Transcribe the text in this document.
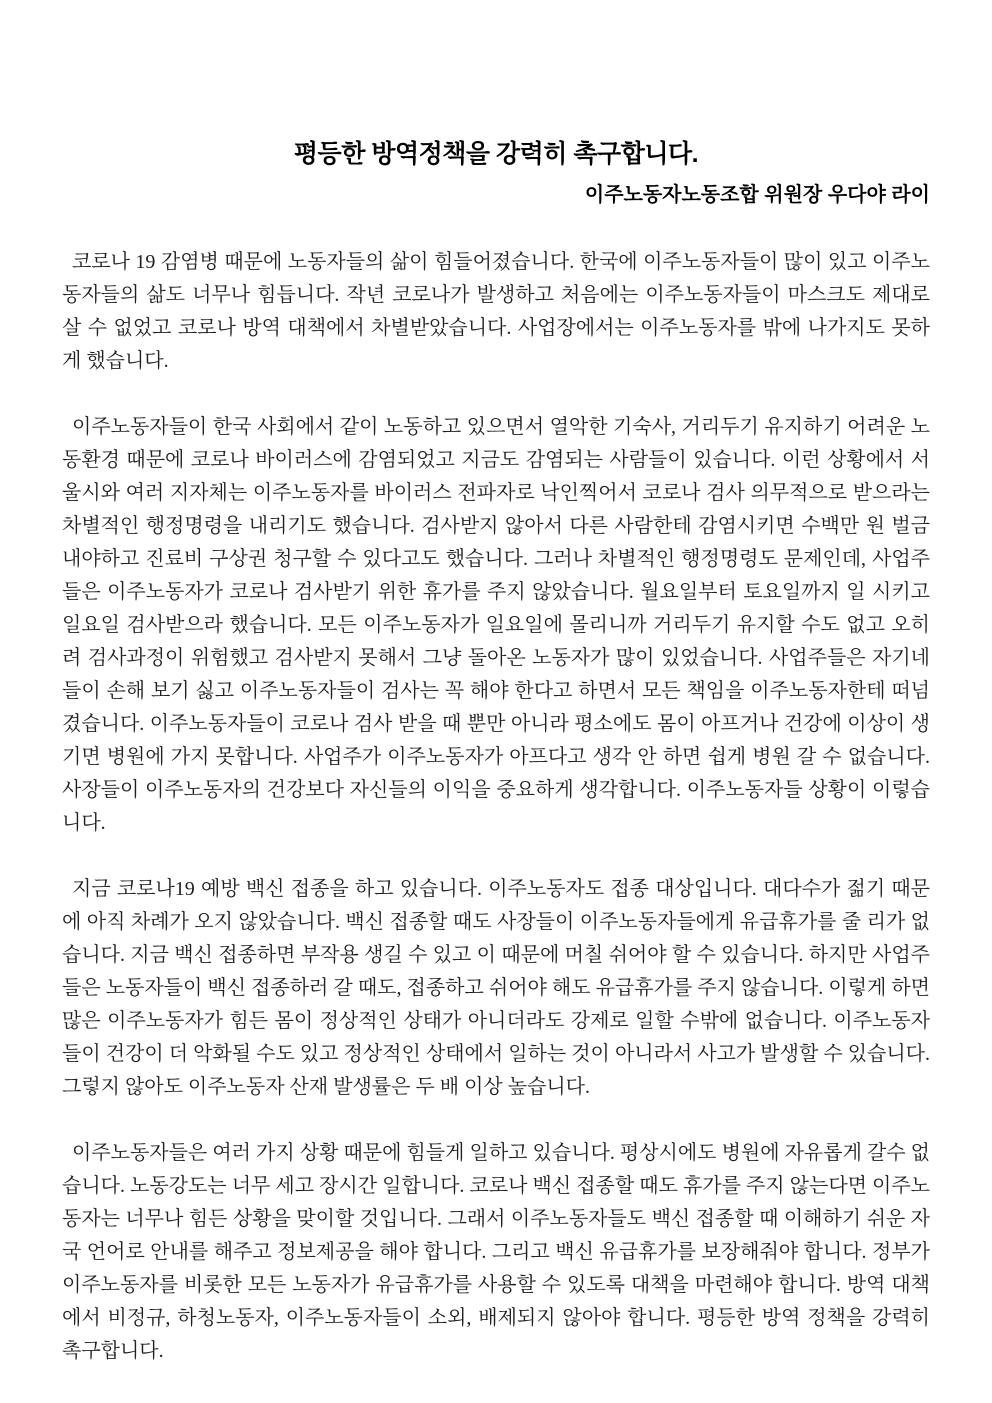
평등한 방역정책을 강력히 촉구합니다.
이주노동자노동조합 위원장 우다야 라이

코로나 19 감염병 때문에 노동자들의 삶이 힘들어졌습니다. 한국에 이주노동자들이 많이 있고 이주노동자들의 삶도 너무나 힘듭니다. 작년 코로나가 발생하고 처음에는 이주노동자들이 마스크도 제대로 살 수 없었고 코로나 방역 대책에서 차별받았습니다. 사업장에서는 이주노동자를 밖에 나가지도 못하게 했습니다.

이주노동자들이 한국 사회에서 같이 노동하고 있으면서 열악한 기숙사, 거리두기 유지하기 어려운 노동환경 때문에 코로나 바이러스에 감염되었고 지금도 감염되는 사람들이 있습니다. 이런 상황에서 서울시와 여러 지자체는 이주노동자를 바이러스 전파자로 낙인찍어서 코로나 검사 의무적으로 받으라는 차별적인 행정명령을 내리기도 했습니다. 검사받지 않아서 다른 사람한테 감염시키면 수백만 원 벌금 내야하고 진료비 구상권 청구할 수 있다고도 했습니다. 그러나 차별적인 행정명령도 문제인데, 사업주들은 이주노동자가 코로나 검사받기 위한 휴가를 주지 않았습니다. 월요일부터 토요일까지 일 시키고 일요일 검사받으라 했습니다. 모든 이주노동자가 일요일에 몰리니까 거리두기 유지할 수도 없고 오히려 검사과정이 위험했고 검사받지 못해서 그냥 돌아온 노동자가 많이 있었습니다. 사업주들은 자기네들이 손해 보기 싫고 이주노동자들이 검사는 꼭 해야 한다고 하면서 모든 책임을 이주노동자한테 떠넘겼습니다. 이주노동자들이 코로나 검사 받을 때 뿐만 아니라 평소에도 몸이 아프거나 건강에 이상이 생기면 병원에 가지 못합니다. 사업주가 이주노동자가 아프다고 생각 안 하면 쉽게 병원 갈 수 없습니다. 사장들이 이주노동자의 건강보다 자신들의 이익을 중요하게 생각합니다. 이주노동자들 상황이 이렇습니다.

지금 코로나19 예방 백신 접종을 하고 있습니다. 이주노동자도 접종 대상입니다. 대다수가 젊기 때문에 아직 차례가 오지 않았습니다. 백신 접종할 때도 사장들이 이주노동자들에게 유급휴가를 줄 리가 없습니다. 지금 백신 접종하면 부작용 생길 수 있고 이 때문에 머칠 쉬어야 할 수 있습니다. 하지만 사업주들은 노동자들이 백신 접종하러 갈 때도, 접종하고 쉬어야 해도 유급휴가를 주지 않습니다. 이렇게 하면 많은 이주노동자가 힘든 몸이 정상적인 상태가 아니더라도 강제로 일할 수밖에 없습니다. 이주노동자들이 건강이 더 악화될 수도 있고 정상적인 상태에서 일하는 것이 아니라서 사고가 발생할 수 있습니다. 그렇지 않아도 이주노동자 산재 발생률은 두 배 이상 높습니다.

이주노동자들은 여러 가지 상황 때문에 힘들게 일하고 있습니다. 평상시에도 병원에 자유롭게 갈수 없습니다. 노동강도는 너무 세고 장시간 일합니다. 코로나 백신 접종할 때도 휴가를 주지 않는다면 이주노동자는 너무나 힘든 상황을 맞이할 것입니다. 그래서 이주노동자들도 백신 접종할 때 이해하기 쉬운 자국 언어로 안내를 해주고 정보제공을 해야 합니다. 그리고 백신 유급휴가를 보장해줘야 합니다. 정부가 이주노동자를 비롯한 모든 노동자가 유급휴가를 사용할 수 있도록 대책을 마련해야 합니다. 방역 대책에서 비정규, 하청노동자, 이주노동자들이 소외, 배제되지 않아야 합니다. 평등한 방역 정책을 강력히 촉구합니다.
